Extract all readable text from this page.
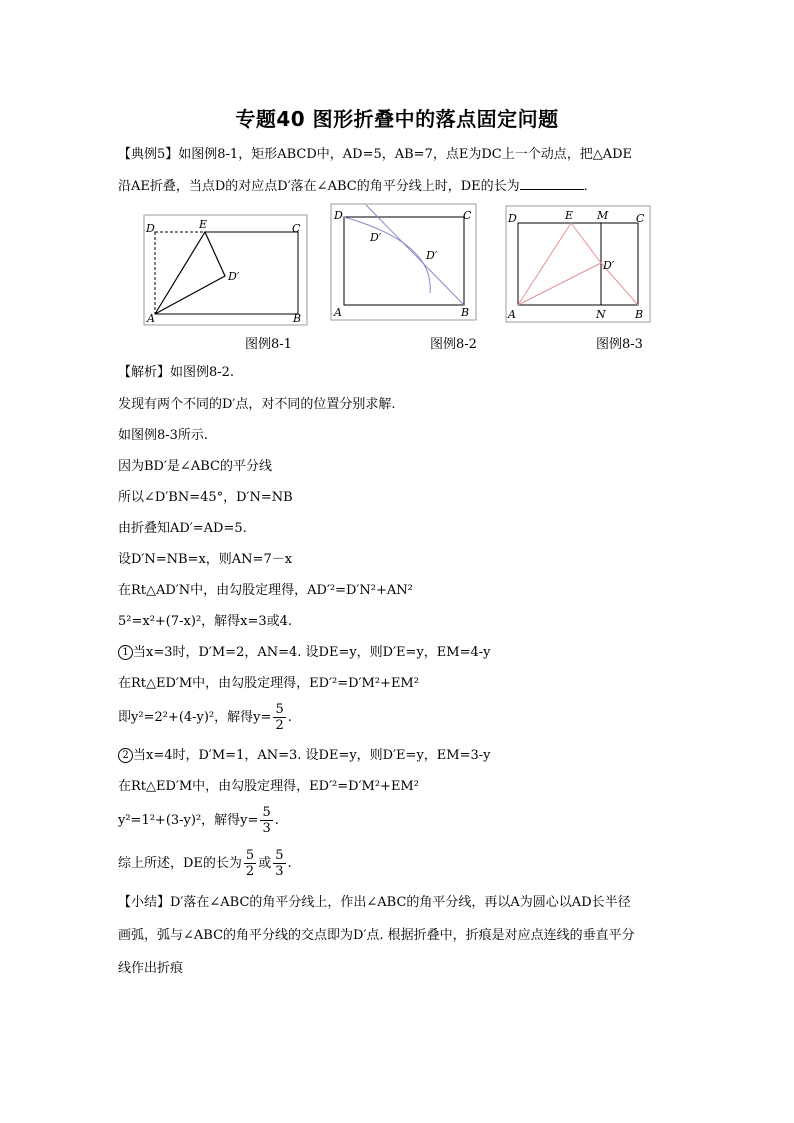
专题40 图形折叠中的落点固定问题
【典例5】如图例8-1，矩形ABCD中，AD=5，AB=7，点E为DC上一个动点，把△ADE
沿AE折叠，当点D的对应点D′落在∠ABC的角平分线上时，DE的长为	．
D	E	C
A	B
D′
图例8-1
D	C
A	B
D′
D′
图例8-2
D	E M	C
A	N	B
D′
图例8-3
【解析】如图例8-2.
发现有两个不同的D′点，对不同的位置分别求解.
如图例8-3所示.
因为BD′是∠ABC的平分线
所以∠D′BN=45°，D′N=NB
由折叠知AD′=AD=5.
设D′N=NB=x，则AN=7－x
在Rt△AD′N中，由勾股定理得，AD′²=D′N²+AN²
5²=x²+(7-x)²，解得x=3或4.
1 当x=3时，D′M=2，AN=4. 设DE=y，则D′E=y，EM=4-y
在Rt△ED′M中，由勾股定理得，ED′²=D′M²+EM²
即y²=2²+(4-y)²，解得$y= \frac{5}{2}$ .
2 当x=4时，D′M=1，AN=3. 设DE=y，则D′E=y，EM=3-y
在Rt△ED′M中，由勾股定理得，ED′²=D′M²+EM²
y²=1²+(3-y)²，解得$y= \frac{5}{3}$ .
综上所述，DE的长为 $\frac{5}{2}$ 或 $\frac{5}{3}$ .
【小结】D′落在∠ABC的角平分线上，作出∠ABC的角平分线，再以A为圆心以AD长半径
画弧，弧与∠ABC的角平分线的交点即为D′点. 根据折叠中，折痕是对应点连线的垂直平分
线作出折痕
